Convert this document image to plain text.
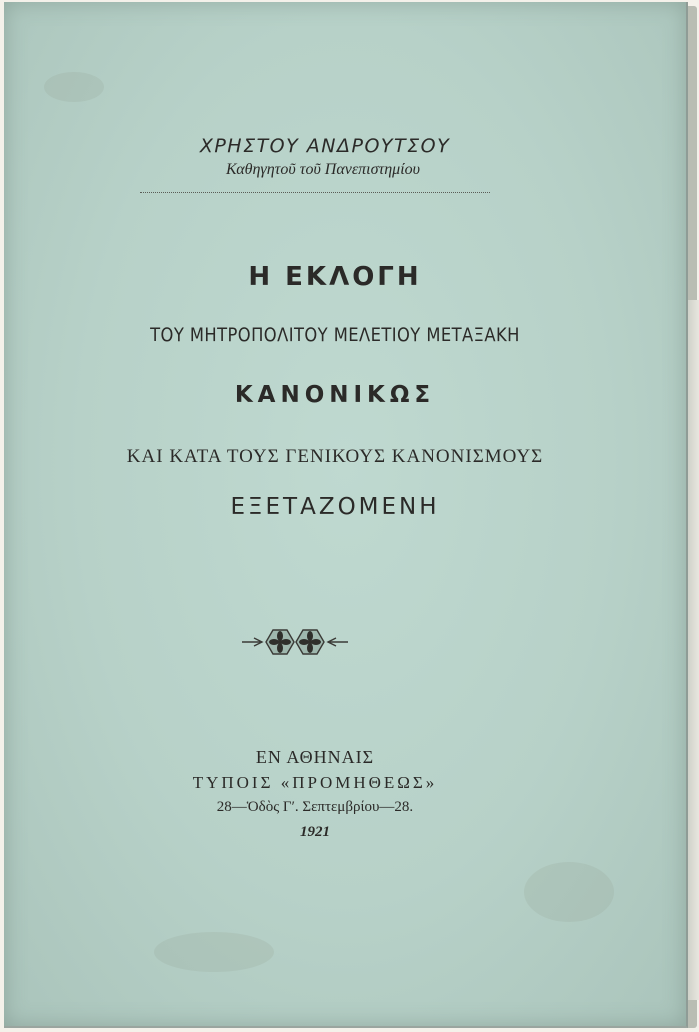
ΧΡΗΣΤΟΥ ΑΝΔΡΟΥΤΣΟΥ
Καθηγητοῦ τοῦ Πανεπιστημίου
Η ΕΚΛΟΓΗ
ΤΟΥ ΜΗΤΡΟΠΟΛΙΤΟΥ ΜΕΛΕΤΙΟΥ ΜΕΤΑΞΑΚΗ
ΚΑΝΟΝΙΚΩΣ
ΚΑΙ ΚΑΤΑ ΤΟΥΣ ΓΕΝΙΚΟΥΣ ΚΑΝΟΝΙΣΜΟΥΣ
ΕΞΕΤΑΖΟΜΕΝΗ
ΕΝ ΑΘΗΝΑΙΣ
ΤΥΠΟΙΣ «ΠΡΟΜΗΘΕΩΣ»
28—Ὁδὸς Γʹ. Σεπτεμβρίου—28.
1921
